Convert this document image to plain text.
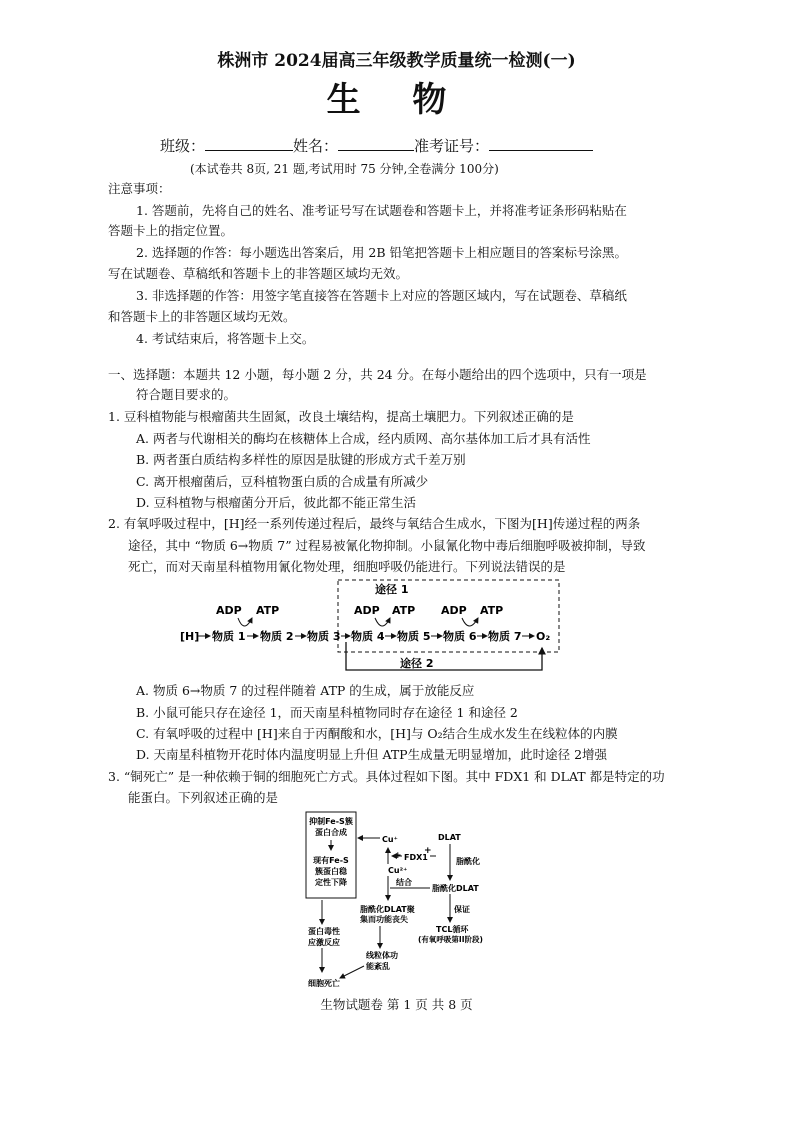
株洲市 2024届高三年级教学质量统一检测(一)
生 物
班级：	姓名：	准考证号：
(本试卷共 8页, 21 题,考试用时 75 分钟,全卷满分 100分)
注意事项：
1. 答题前，先将自己的姓名、准考证号写在试题卷和答题卡上，并将准考证条形码粘贴在
答题卡上的指定位置。
2. 选择题的作答：每小题选出答案后，用 2B 铅笔把答题卡上相应题目的答案标号涂黑。
写在试题卷、草稿纸和答题卡上的非答题区域均无效。
3. 非选择题的作答：用签字笔直接答在答题卡上对应的答题区域内，写在试题卷、草稿纸
和答题卡上的非答题区域均无效。
4. 考试结束后，将答题卡上交。
一、选择题：本题共 12 小题，每小题 2 分，共 24 分。在每小题给出的四个选项中，只有一项是
符合题目要求的。
1. 豆科植物能与根瘤菌共生固氮，改良土壤结构，提高土壤肥力。下列叙述正确的是
A. 两者与代谢相关的酶均在核糖体上合成，经内质网、高尔基体加工后才具有活性
B. 两者蛋白质结构多样性的原因是肽键的形成方式千差万别
C. 离开根瘤菌后，豆科植物蛋白质的合成量有所减少
D. 豆科植物与根瘤菌分开后，彼此都不能正常生活
2. 有氧呼吸过程中，[H]经一系列传递过程后，最终与氧结合生成水，下图为[H]传递过程的两条
途径，其中 “物质 6→物质 7” 过程易被氰化物抑制。小鼠氰化物中毒后细胞呼吸被抑制，导致
死亡，而对天南星科植物用氰化物处理，细胞呼吸仍能进行。下列说法错误的是
途径 1
[H] 物质 1 物质 2 物质 3 物质 4 物质 5 物质 6 物质 7 O₂
ADP ATP	ADP ATP ADP ATP
途径 2
A. 物质 6→物质 7 的过程伴随着 ATP 的生成，属于放能反应
B. 小鼠可能只存在途径 1，而天南星科植物同时存在途径 1 和途径 2
C. 有氧呼吸的过程中 [H]来自于丙酮酸和水，[H]与 O₂结合生成水发生在线粒体的内膜
D. 天南星科植物开花时体内温度明显上升但 ATP生成量无明显增加，此时途径 2增强
3. “铜死亡” 是一种依赖于铜的细胞死亡方式。具体过程如下图。其中 FDX1 和 DLAT 都是特定的功
能蛋白。下列叙述正确的是
抑制Fe-S簇
蛋白合成
现有Fe-S
簇蛋白稳
定性下降
Cu⁺
Cu²⁺
+ FDX1
+
DLAT
脂酰化
脂酰化DLAT
结合
脂酰化DLAT聚
集而功能丧失
保证
TCL循环
(有氧呼吸第II阶段)
蛋白毒性
应激反应
线粒体功
能紊乱
细胞死亡
生物试题卷 第 1 页 共 8 页
